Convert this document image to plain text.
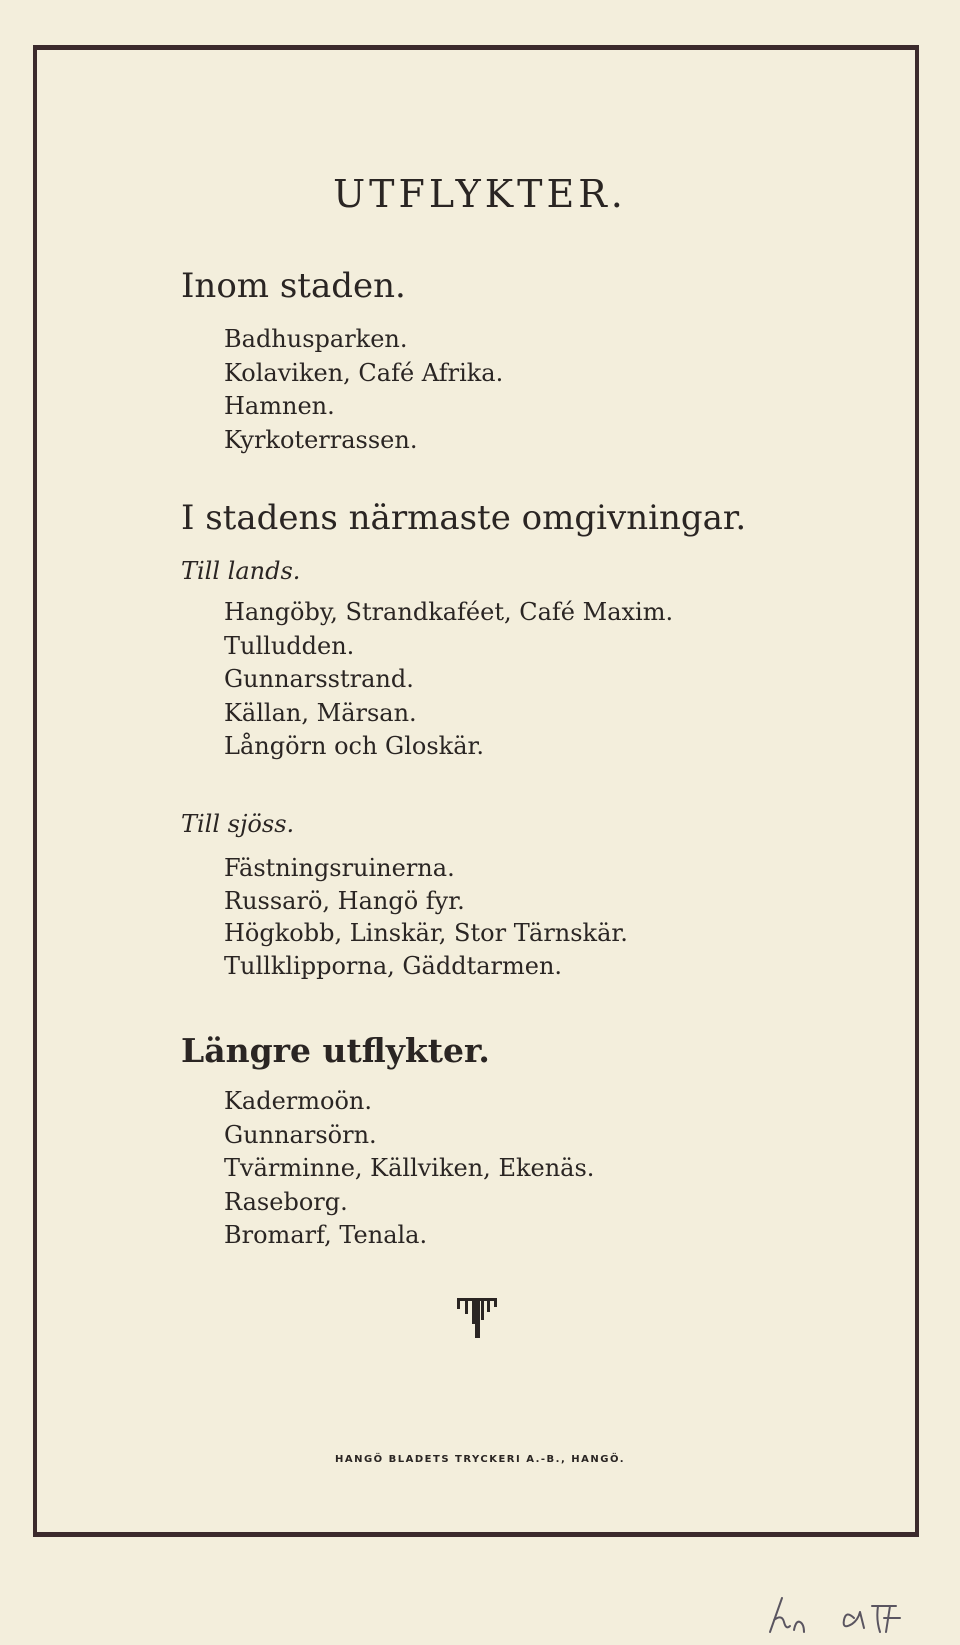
UTFLYKTER.
Inom staden.
Badhusparken.
Kolaviken, Café Afrika.
Hamnen.
Kyrkoterrassen.
I stadens närmaste omgivningar.

Till lands.

Hangöby, Strandkaféet, Café Maxim.
Tulludden.
Gunnarsstrand.
Källan, Märsan.
Långörn och Gloskär.

Till sjöss.

Fästningsruinerna.
Russarö, Hangö fyr.
Högkobb, Linskär, Stor Tärnskär.
Tullklipporna, Gäddtarmen.
Längre utflykter.
Kadermoön.
Gunnarsörn.
Tvärminne, Källviken, Ekenäs.
Raseborg.
Bromarf, Tenala.

HANGÖ BLADETS TRYCKERI A.-B., HANGÖ.
